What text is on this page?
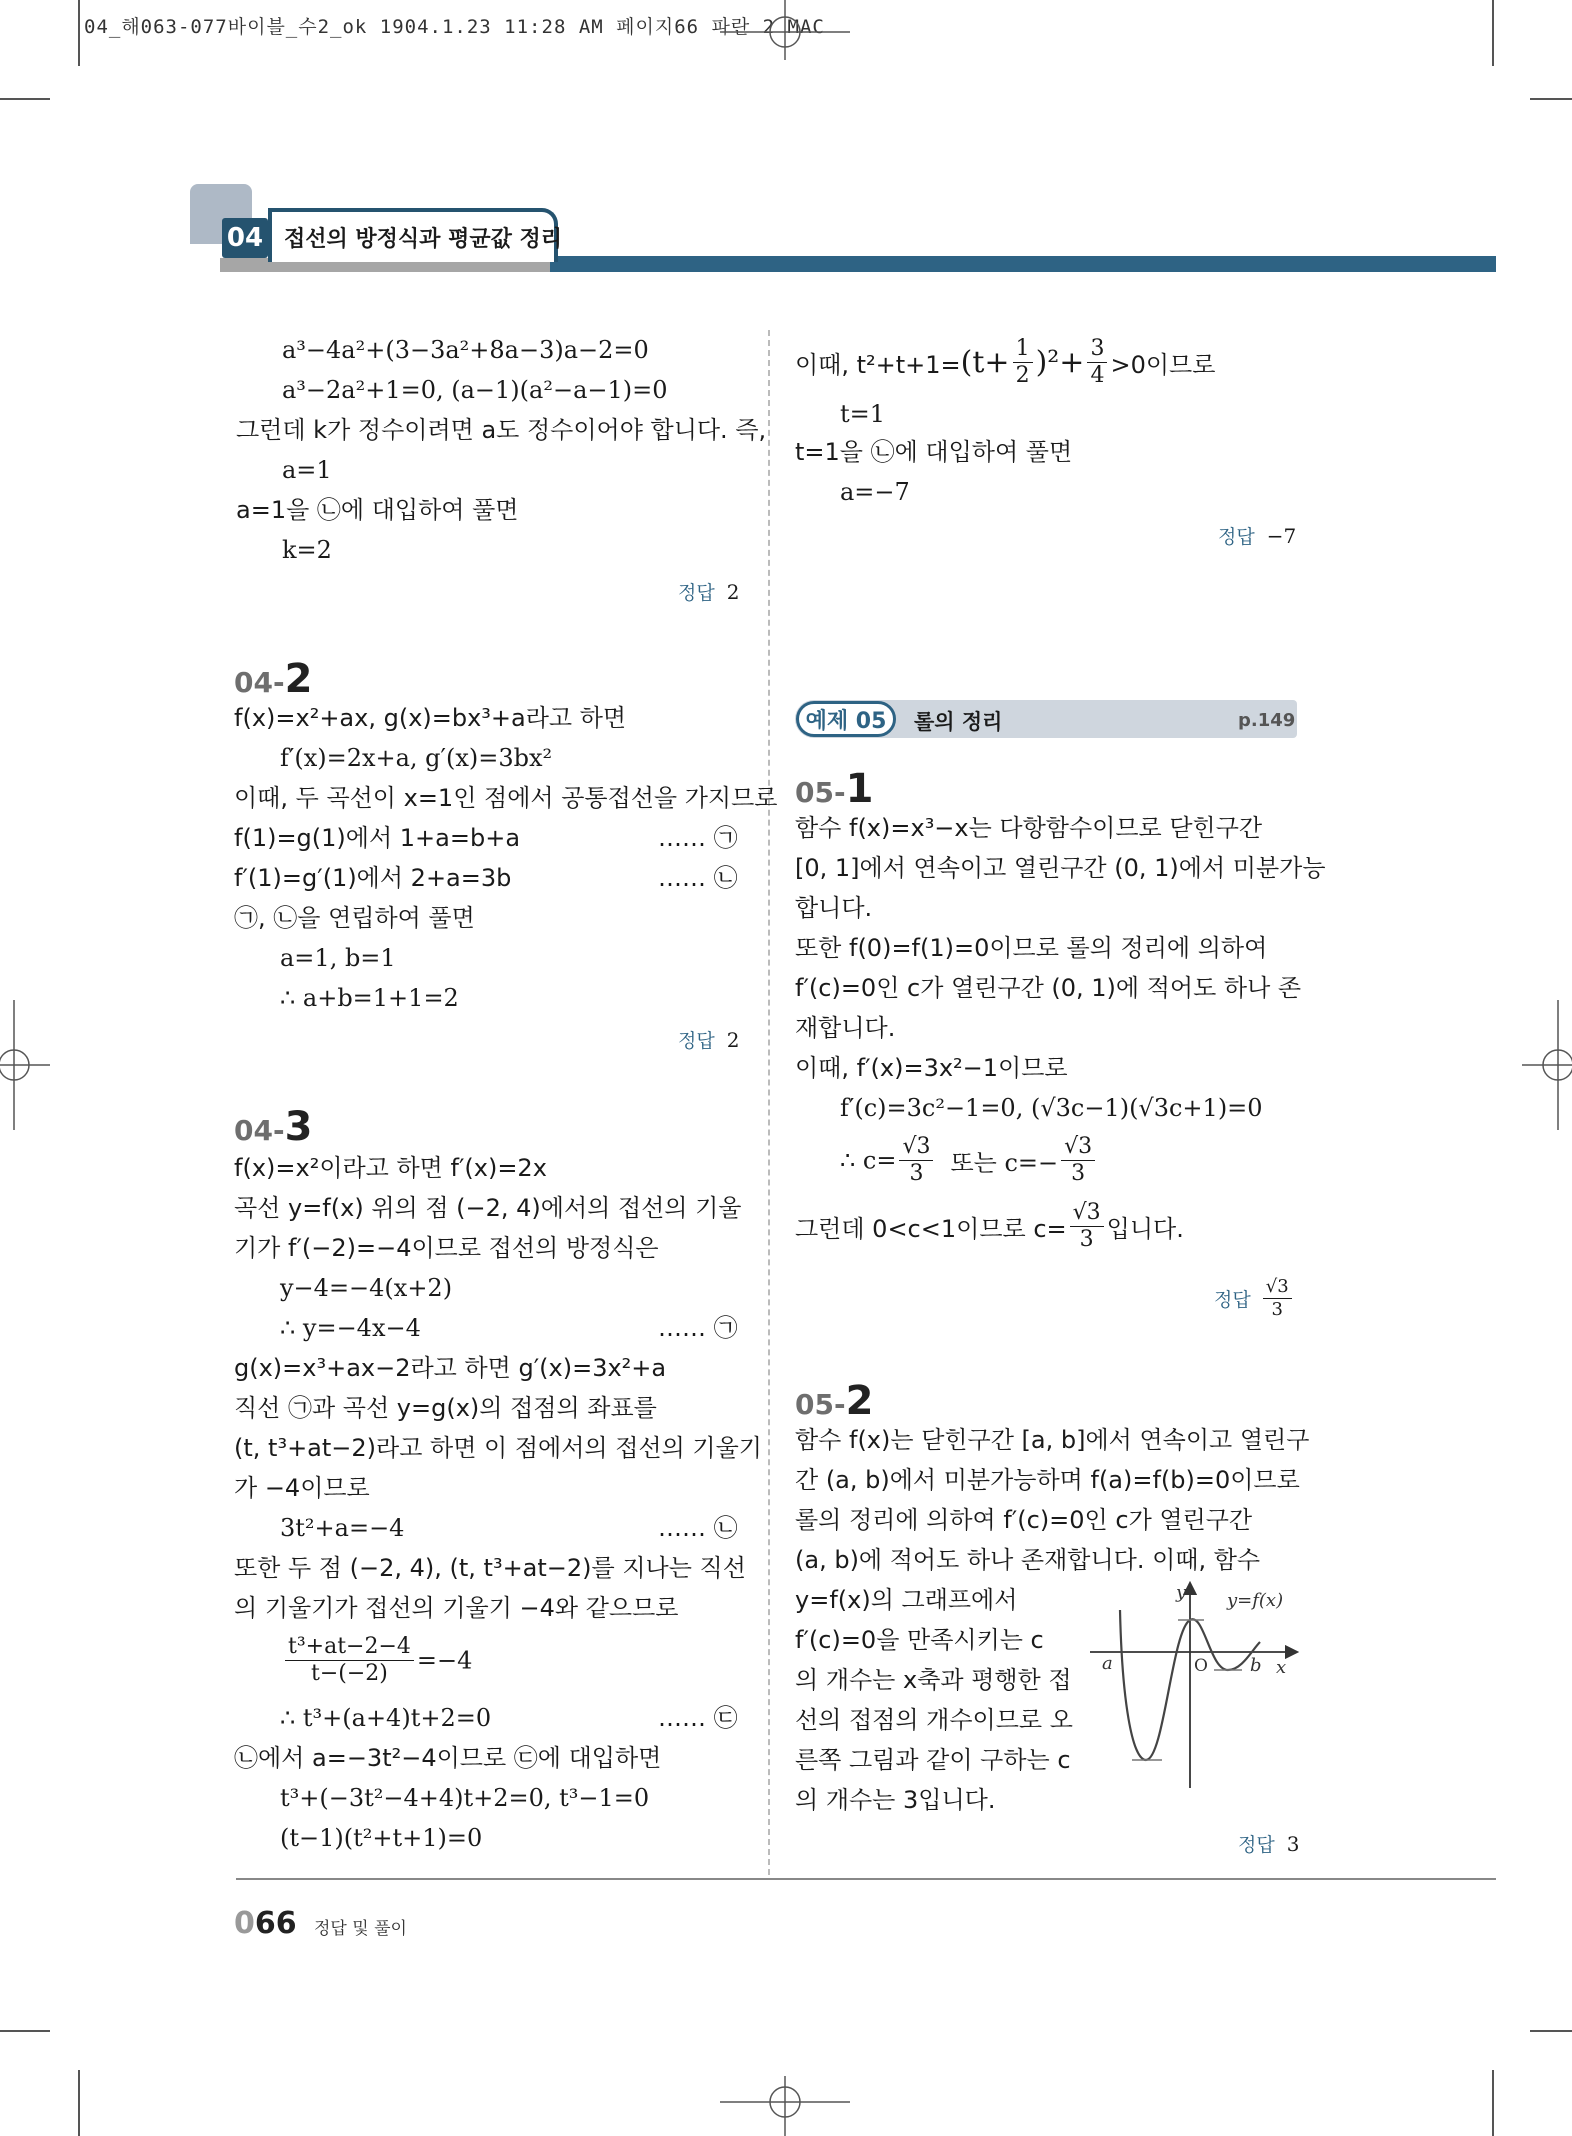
04_해063-077바이블_수2_ok 1904.1.23 11:28 AM 페이지66 파란 2 MAC
04 접선의 방정식과 평균값 정리
a³−4a²+(3−3a²+8a−3)a−2=0
a³−2a²+1=0, (a−1)(a²−a−1)=0
그런데 k가 정수이려면 a도 정수이어야 합니다. 즉,
a=1
a=1을 ㉡에 대입하여 풀면
k=2
정답 2
04-2
f(x)=x²+ax, g(x)=bx³+a라고 하면
f′(x)=2x+a, g′(x)=3bx²
이때, 두 곡선이 x=1인 점에서 공통접선을 가지므로
f(1)=g(1)에서 1+a=b+a	…… ㉠
f′(1)=g′(1)에서 2+a=3b	…… ㉡
㉠, ㉡을 연립하여 풀면
a=1, b=1
∴ a+b=1+1=2
정답 2
04-3
f(x)=x²이라고 하면 f′(x)=2x
곡선 y=f(x) 위의 점 (−2, 4)에서의 접선의 기울
기가 f′(−2)=−4이므로 접선의 방정식은
y−4=−4(x+2)
∴ y=−4x−4	…… ㉠
g(x)=x³+ax−2라고 하면 g′(x)=3x²+a
직선 ㉠과 곡선 y=g(x)의 접점의 좌표를
(t, t³+at−2)라고 하면 이 점에서의 접선의 기울기
가 −4이므로
3t²+a=−4	…… ㉡
또한 두 점 (−2, 4), (t, t³+at−2)를 지나는 직선
의 기울기가 접선의 기울기 −4와 같으므로
$\frac{\text{t³+at−2−4}}{t-(-2)} =-4$
∴ t³+(a+4)t+2=0	…… ㉢
㉡에서 a=−3t²−4이므로 ㉢에 대입하면
t³+(−3t²−4+4)t+2=0, t³−1=0
(t−1)(t²+t+1)=0
이때, $t^2+t+1=(t+ \frac{1}{2} )^2+ \frac{3}{4} >0$이므로
t=1
t=1을 ㉡에 대입하여 풀면
a=−7
정답 −7
예제 05	롤의 정리	p.149
05-1
함수 f(x)=x³−x는 다항함수이므로 닫힌구간
[0, 1]에서 연속이고 열린구간 (0, 1)에서 미분가능
합니다.
또한 f(0)=f(1)=0이므로 롤의 정리에 의하여
f′(c)=0인 c가 열린구간 (0, 1)에 적어도 하나 존
재합니다.
이때, f′(x)=3x²−1이므로
f′(c)=3c²−1=0, (√3c−1)(√3c+1)=0
∴ $c= \frac{√3}{3}$ 또는 $c=- \frac{√3}{3}$
그런데 0<c<1이므로 $c= \frac{√3}{3}$ 입니다.
정답 $\frac{√3}{3}$
05-2
함수 f(x)는 닫힌구간 [a, b]에서 연속이고 열린구
간 (a, b)에서 미분가능하며 f(a)=f(b)=0이므로
롤의 정리에 의하여 f′(c)=0인 c가 열린구간
(a, b)에 적어도 하나 존재합니다. 이때, 함수
y=f(x)의 그래프에서
f′(c)=0을 만족시키는 c
의 개수는 x축과 평행한 접
선의 접점의 개수이므로 오
른쪽 그림과 같이 구하는 c
의 개수는 3입니다.
y
x
a	O b
y=f(x)
정답 3
066 정답 및 풀이
